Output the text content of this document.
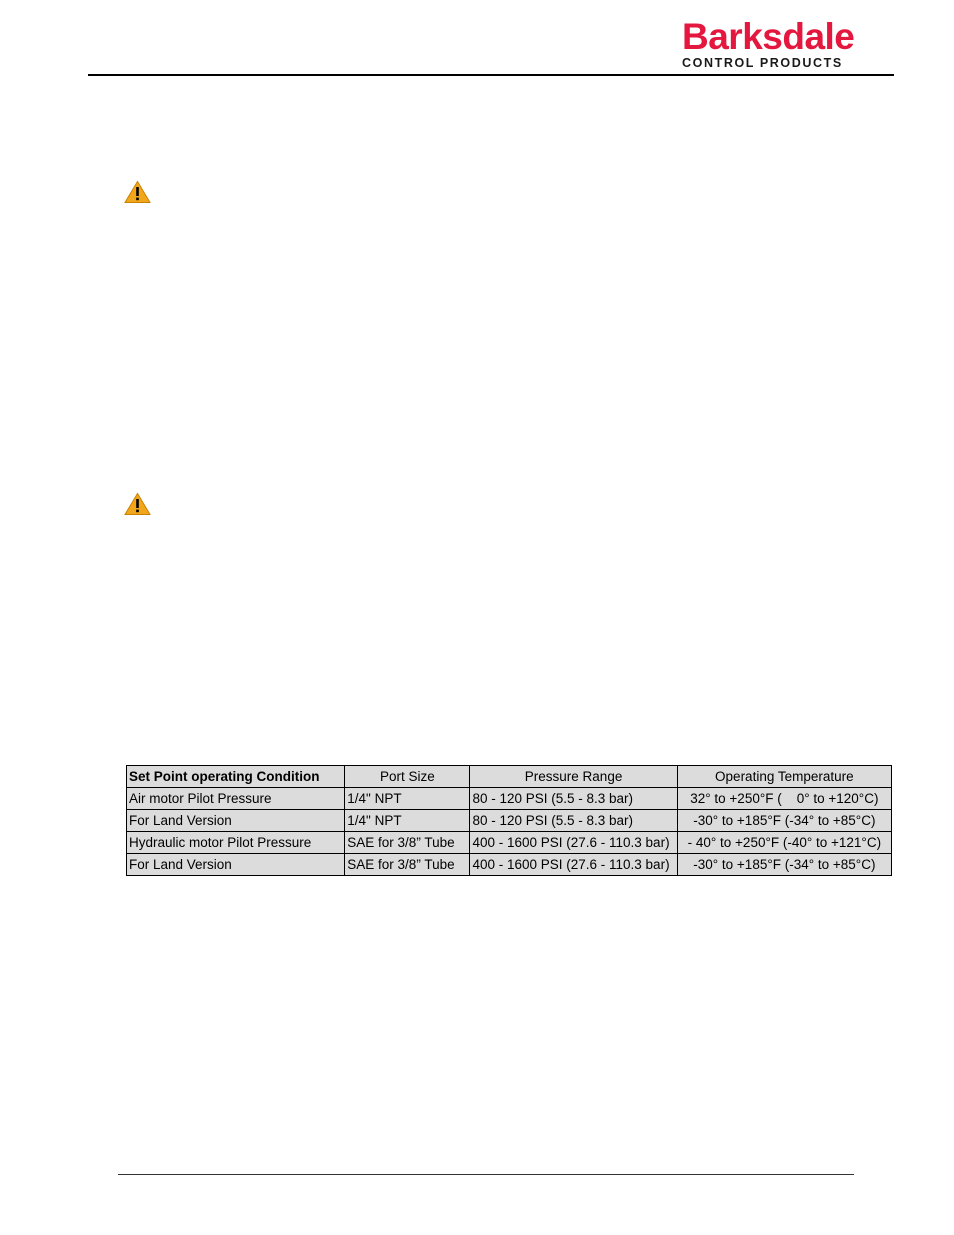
Barksdale
CONTROL PRODUCTS
Set Point operating Condition	Port Size	Pressure Range	Operating Temperature
Air motor Pilot Pressure	1/4" NPT	80 - 120 PSI (5.5 - 8.3 bar)	32° to +250°F (    0° to +120°C)
For Land Version	1/4" NPT	80 - 120 PSI (5.5 - 8.3 bar)	-30° to +185°F (-34° to +85°C)
Hydraulic motor Pilot Pressure	SAE for 3/8” Tube	400 - 1600 PSI (27.6 - 110.3 bar)	- 40° to +250°F (-40° to +121°C)
For Land Version	SAE for 3/8” Tube	400 - 1600 PSI (27.6 - 110.3 bar)	-30° to +185°F (-34° to +85°C)
